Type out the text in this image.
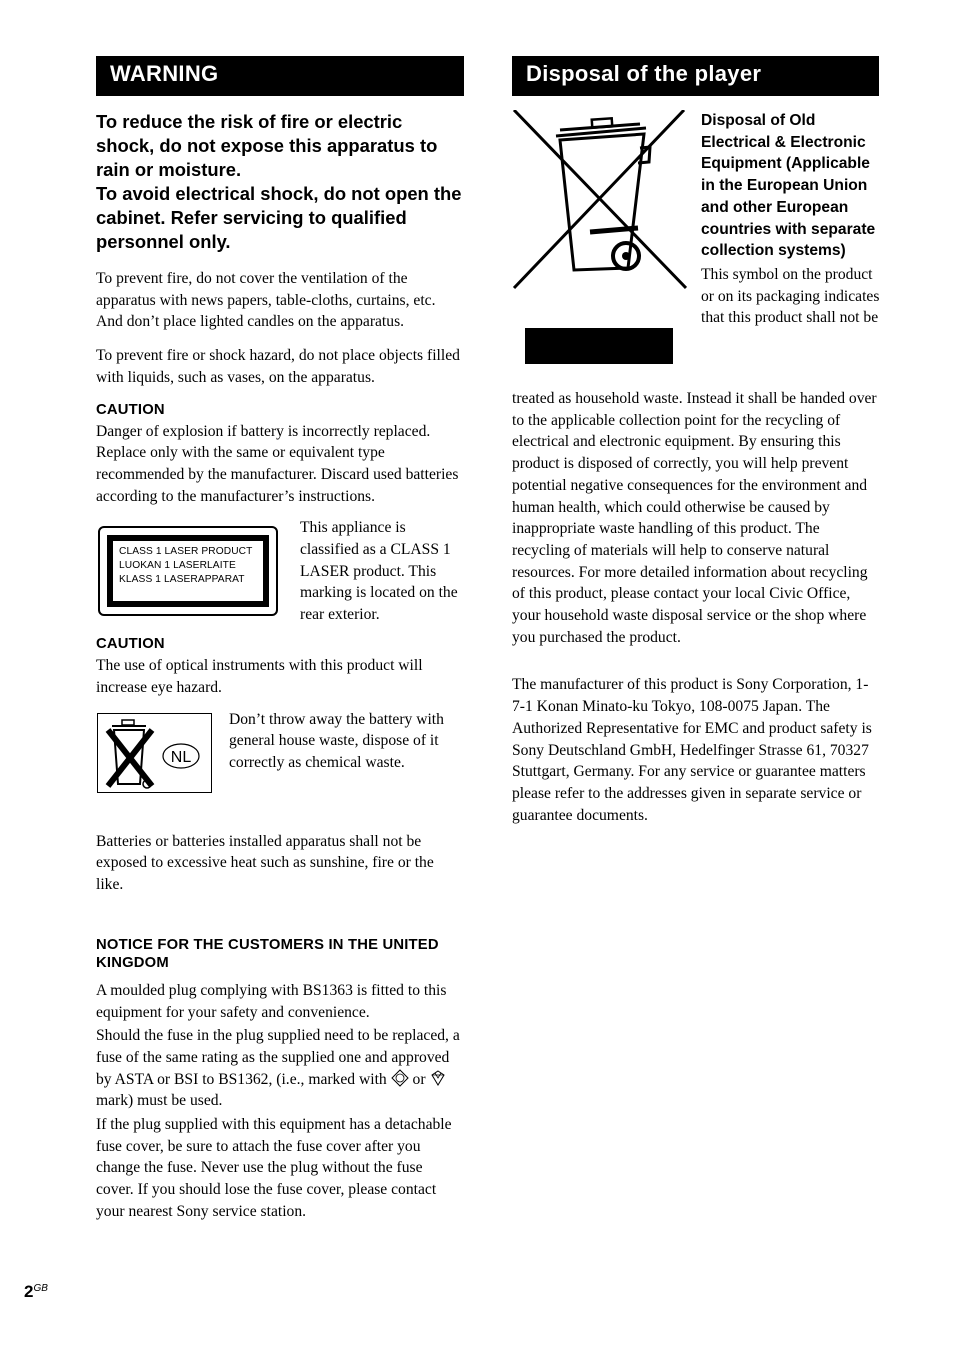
WARNING
To reduce the risk of fire or electric shock, do not expose this apparatus to rain or moisture.
To avoid electrical shock, do not open the cabinet. Refer servicing to qualified personnel only.

To prevent fire, do not cover the ventilation of the apparatus with news papers, table-cloths, curtains, etc. And don’t place lighted candles on the apparatus.

To prevent fire or shock hazard, do not place objects filled with liquids, such as vases, on the apparatus.

CAUTION

Danger of explosion if battery is incorrectly replaced. Replace only with the same or equivalent type recommended by the manufacturer. Discard used batteries according to the manufacturer’s instructions.

CLASS 1 LASER PRODUCT
LUOKAN 1 LASERLAITE
KLASS 1 LASERAPPARAT

This appliance is classified as a CLASS 1 LASER product. This marking is located on the rear exterior.

CAUTION

The use of optical instruments with this product will increase eye hazard.

NL

Don’t throw away the battery with general house waste, dispose of it correctly as chemical waste.

Batteries or batteries installed apparatus shall not be exposed to excessive heat such as sunshine, fire or the like.

NOTICE FOR THE CUSTOMERS IN THE UNITED KINGDOM

A moulded plug complying with BS1363 is fitted to this equipment for your safety and convenience.

Should the fuse in the plug supplied need to be replaced, a fuse of the same rating as the supplied one and approved by ASTA or BSI to BS1362, (i.e., marked with or  mark) must be used.

If the plug supplied with this equipment has a detachable fuse cover, be sure to attach the fuse cover after you change the fuse. Never use the plug without the fuse cover. If you should lose the fuse cover, please contact your nearest Sony service station.

Disposal of the player
Disposal of Old Electrical & Electronic Equipment (Applicable in the European Union and other European countries with separate collection systems)

This symbol on the product or on its packaging indicates that this product shall not be

treated as household waste. Instead it shall be handed over to the applicable collection point for the recycling of electrical and electronic equipment. By ensuring this product is disposed of correctly, you will help prevent potential negative consequences for the environment and human health, which could otherwise be caused by inappropriate waste handling of this product. The recycling of materials will help to conserve natural resources. For more detailed information about recycling of this product, please contact your local Civic Office, your household waste disposal service or the shop where you purchased the product.

The manufacturer of this product is Sony Corporation, 1-7-1 Konan Minato-ku Tokyo, 108-0075 Japan. The Authorized Representative for EMC and product safety is Sony Deutschland GmbH, Hedelfinger Strasse 61, 70327 Stuttgart, Germany. For any service or guarantee matters please refer to the addresses given in separate service or guarantee documents.

$2^{GB}$
